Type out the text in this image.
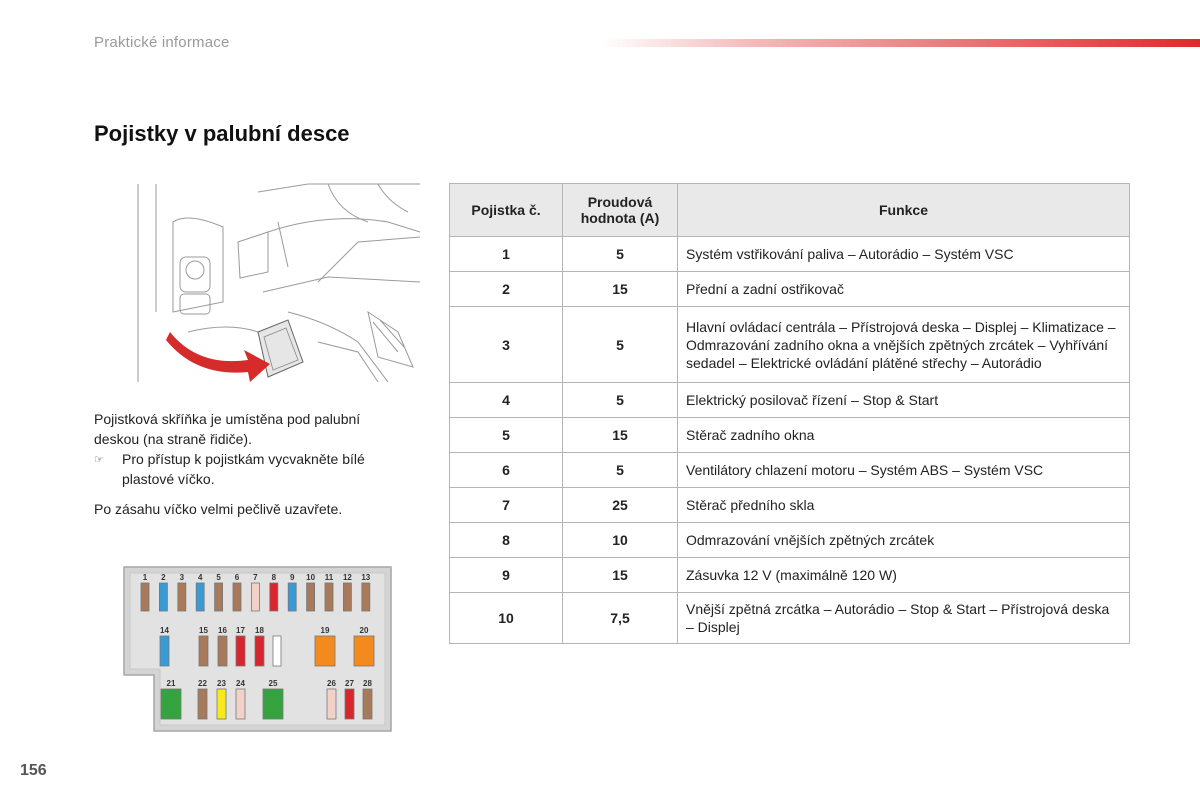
Praktické informace
Pojistky v palubní desce

Pojistková skříňka je umístěna pod palubní deskou (na straně řidiče).

☞	Pro přístup k pojistkám vycvakněte bílé plastové víčko.

Po zásahu víčko velmi pečlivě uzavřete.

1 2 3 4 5 6 7 8 9 10 11 12 13
14	15 16 17 18	19	20
21	22 23 24	25	26 27 28
Pojistka č.	Proudová hodnota (A)	Funkce
1	5	Systém vstřikování paliva – Autorádio – Systém VSC
2	15	Přední a zadní ostřikovač
3	5	Hlavní ovládací centrála – Přístrojová deska – Displej – Klimatizace – Odmrazování zadního okna a vnějších zpětných zrcátek – Vyhřívání sedadel – Elektrické ovládání plátěné střechy – Autorádio
4	5	Elektrický posilovač řízení – Stop & Start
5	15	Stěrač zadního okna
6	5	Ventilátory chlazení motoru – Systém ABS – Systém VSC
7	25	Stěrač předního skla
8	10	Odmrazování vnějších zpětných zrcátek
9	15	Zásuvka 12 V (maximálně 120 W)
10	7,5	Vnější zpětná zrcátka – Autorádio – Stop & Start – Přístrojová deska – Displej
156
